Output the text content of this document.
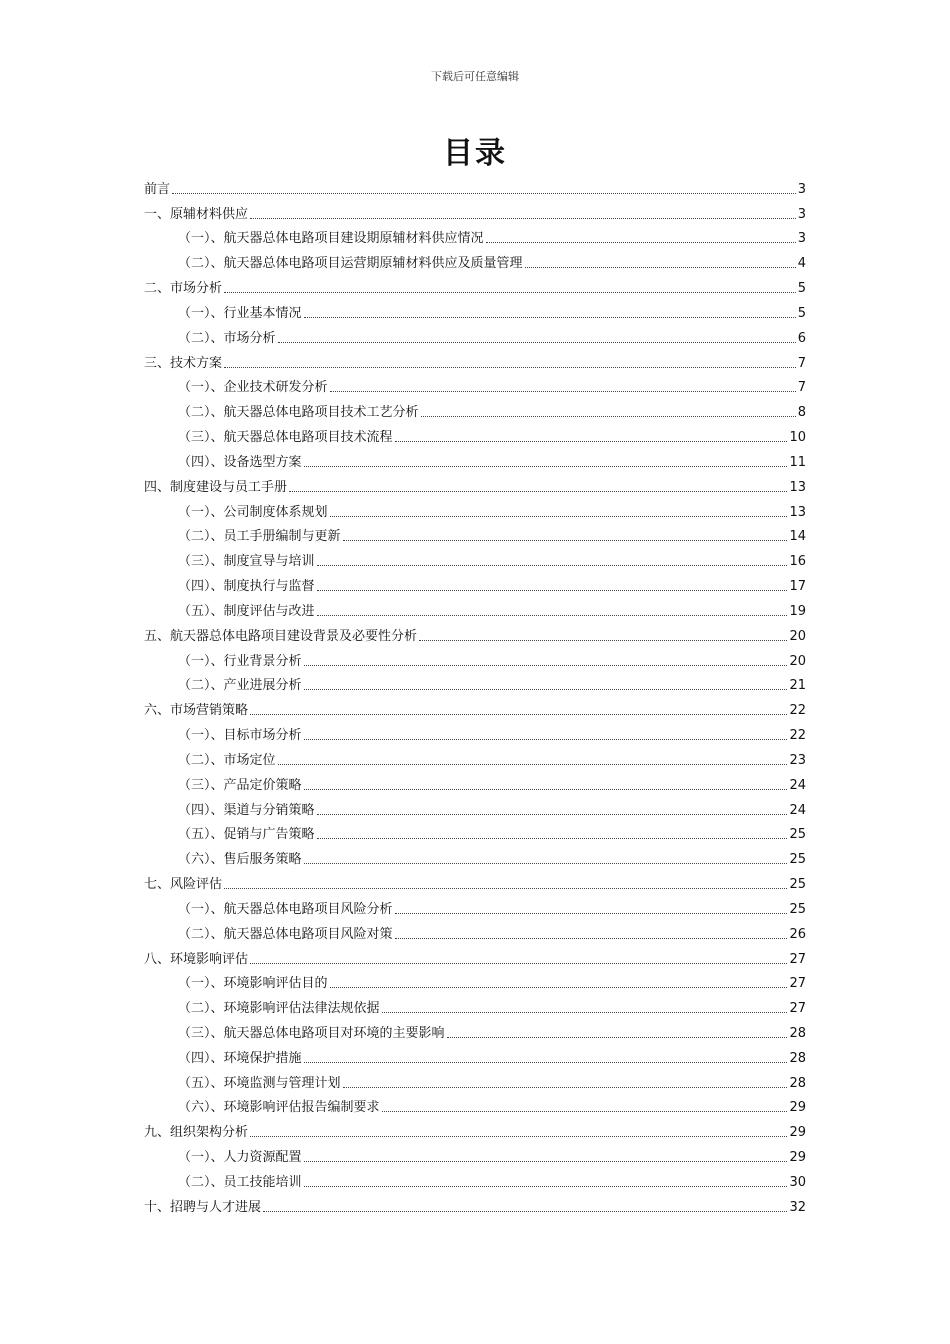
下载后可任意编辑
目录
前言	3
一、原辅材料供应	3
（一）、航天器总体电路项目建设期原辅材料供应情况	3
（二）、航天器总体电路项目运营期原辅材料供应及质量管理	4
二、市场分析	5
（一）、行业基本情况	5
（二）、市场分析	6
三、技术方案	7
（一）、企业技术研发分析	7
（二）、航天器总体电路项目技术工艺分析	8
（三）、航天器总体电路项目技术流程	10
（四）、设备选型方案	11
四、制度建设与员工手册	13
（一）、公司制度体系规划	13
（二）、员工手册编制与更新	14
（三）、制度宣导与培训	16
（四）、制度执行与监督	17
（五）、制度评估与改进	19
五、航天器总体电路项目建设背景及必要性分析	20
（一）、行业背景分析	20
（二）、产业进展分析	21
六、市场营销策略	22
（一）、目标市场分析	22
（二）、市场定位	23
（三）、产品定价策略	24
（四）、渠道与分销策略	24
（五）、促销与广告策略	25
（六）、售后服务策略	25
七、风险评估	25
（一）、航天器总体电路项目风险分析	25
（二）、航天器总体电路项目风险对策	26
八、环境影响评估	27
（一）、环境影响评估目的	27
（二）、环境影响评估法律法规依据	27
（三）、航天器总体电路项目对环境的主要影响	28
（四）、环境保护措施	28
（五）、环境监测与管理计划	28
（六）、环境影响评估报告编制要求	29
九、组织架构分析	29
（一）、人力资源配置	29
（二）、员工技能培训	30
十、招聘与人才进展	32
